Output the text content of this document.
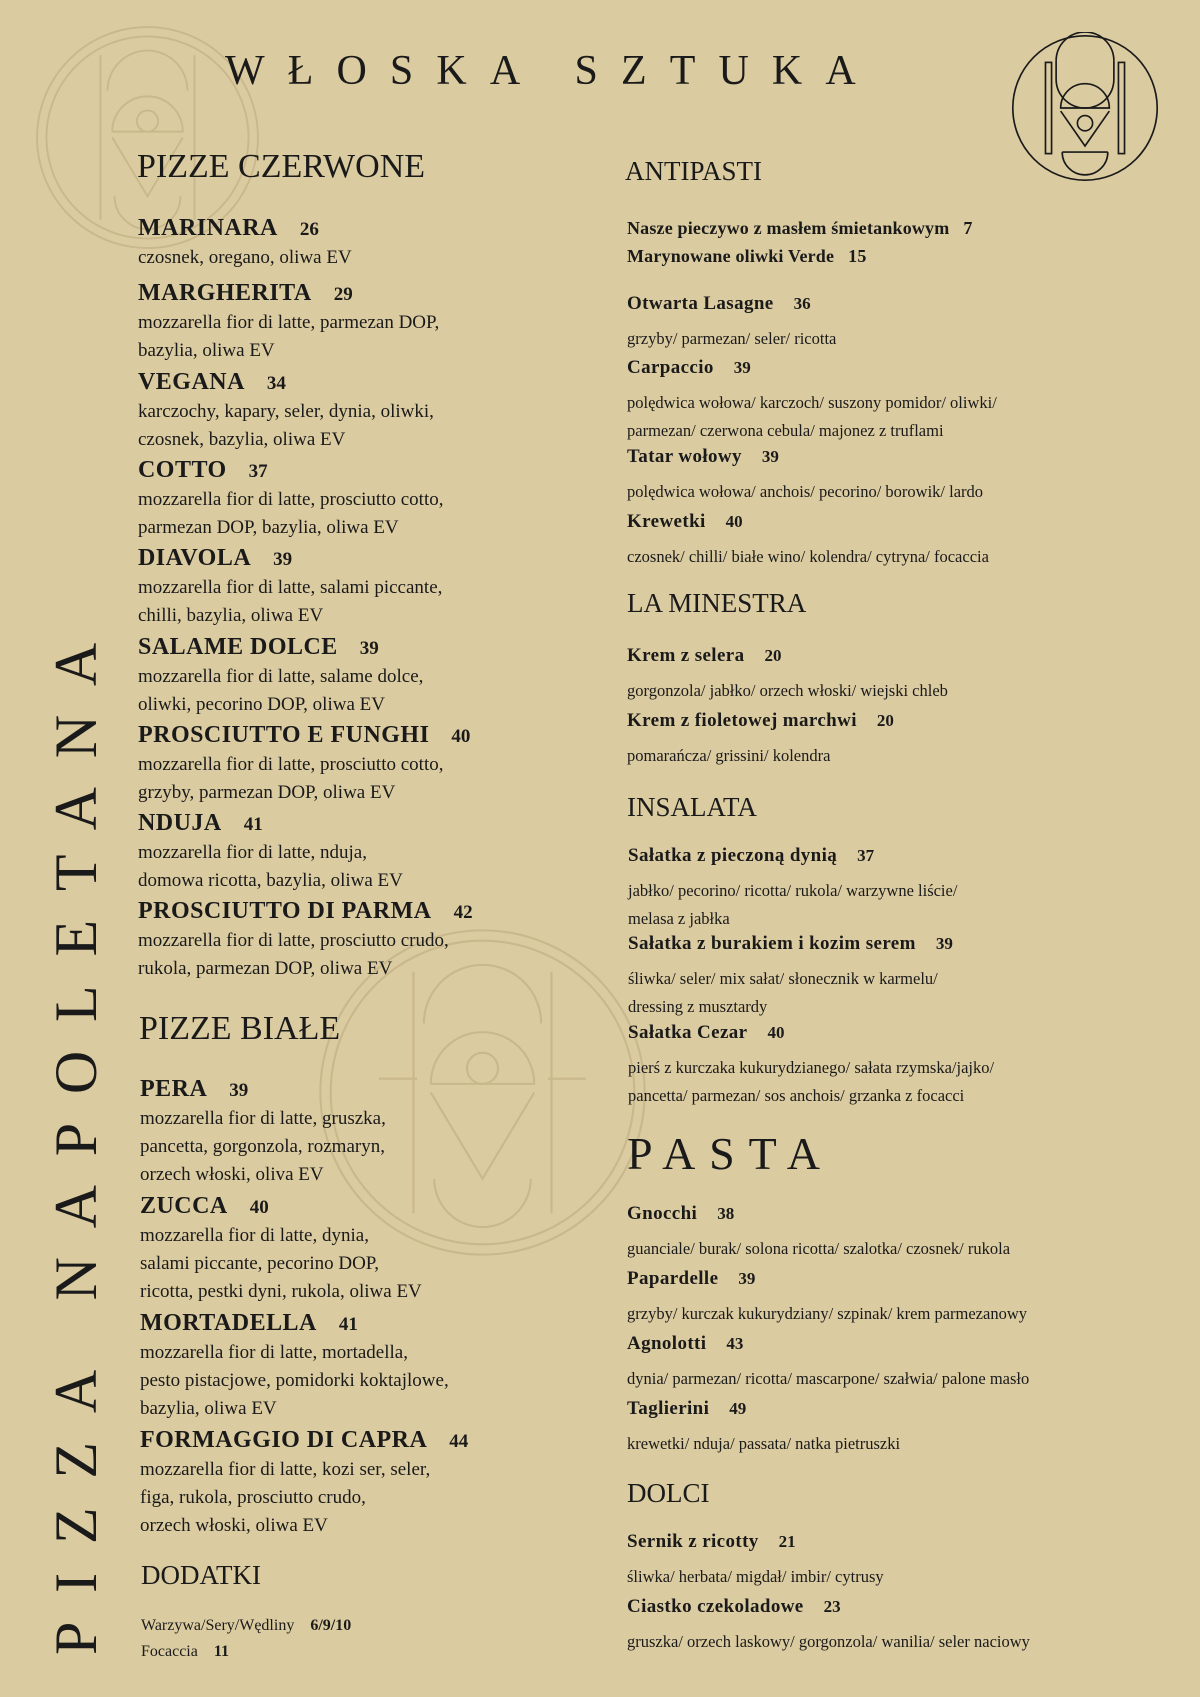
WŁOSKA SZTUKA
PIZZA NAPOLETANA
PIZZE CZERWONE
MARINARA 26
czosnek, oregano, oliwa EV
MARGHERITA 29
mozzarella fior di latte, parmezan DOP,
bazylia, oliwa EV
VEGANA 34
karczochy, kapary, seler, dynia, oliwki,
czosnek, bazylia, oliwa EV
COTTO 37
mozzarella fior di latte, prosciutto cotto,
parmezan DOP, bazylia, oliwa EV
DIAVOLA 39
mozzarella fior di latte, salami piccante,
chilli, bazylia, oliwa EV
SALAME DOLCE 39
mozzarella fior di latte, salame dolce,
oliwki, pecorino DOP, oliwa EV
PROSCIUTTO E FUNGHI 40
mozzarella fior di latte, prosciutto cotto,
grzyby, parmezan DOP, oliwa EV
NDUJA 41
mozzarella fior di latte, nduja,
domowa ricotta, bazylia, oliwa EV
PROSCIUTTO DI PARMA 42
mozzarella fior di latte, prosciutto crudo,
rukola, parmezan DOP, oliwa EV
PIZZE BIAŁE
PERA 39
mozzarella fior di latte, gruszka,
pancetta, gorgonzola, rozmaryn,
orzech włoski, oliva EV
ZUCCA 40
mozzarella fior di latte, dynia,
salami piccante, pecorino DOP,
ricotta, pestki dyni, rukola, oliwa EV
MORTADELLA 41
mozzarella fior di latte, mortadella,
pesto pistacjowe, pomidorki koktajlowe,
bazylia, oliwa EV
FORMAGGIO DI CAPRA 44
mozzarella fior di latte, kozi ser, seler,
figa, rukola, prosciutto crudo,
orzech włoski, oliwa EV
DODATKI
Warzywa/Sery/Wędliny 6/9/10
Focaccia 11
ANTIPASTI
Nasze pieczywo z masłem śmietankowym 7
Marynowane oliwki Verde 15
Otwarta Lasagne 36
grzyby/ parmezan/ seler/ ricotta
Carpaccio 39
polędwica wołowa/ karczoch/ suszony pomidor/ oliwki/
parmezan/ czerwona cebula/ majonez z truflami
Tatar wołowy 39
polędwica wołowa/ anchois/ pecorino/ borowik/ lardo
Krewetki 40
czosnek/ chilli/ białe wino/ kolendra/ cytryna/ focaccia
LA MINESTRA
Krem z selera 20
gorgonzola/ jabłko/ orzech włoski/ wiejski chleb
Krem z fioletowej marchwi 20
pomarańcza/ grissini/ kolendra
INSALATA
Sałatka z pieczoną dynią 37
jabłko/ pecorino/ ricotta/ rukola/ warzywne liście/
melasa z jabłka
Sałatka z burakiem i kozim serem 39
śliwka/ seler/ mix sałat/ słonecznik w karmelu/
dressing z musztardy
Sałatka Cezar 40
pierś z kurczaka kukurydzianego/ sałata rzymska/jajko/
pancetta/ parmezan/ sos anchois/ grzanka z focacci
PASTA
Gnocchi 38
guanciale/ burak/ solona ricotta/ szalotka/ czosnek/ rukola
Papardelle 39
grzyby/ kurczak kukurydziany/ szpinak/ krem parmezanowy
Agnolotti 43
dynia/ parmezan/ ricotta/ mascarpone/ szałwia/ palone masło
Taglierini 49
krewetki/ nduja/ passata/ natka pietruszki
DOLCI
Sernik z ricotty 21
śliwka/ herbata/ migdał/ imbir/ cytrusy
Ciastko czekoladowe 23
gruszka/ orzech laskowy/ gorgonzola/ wanilia/ seler naciowy
